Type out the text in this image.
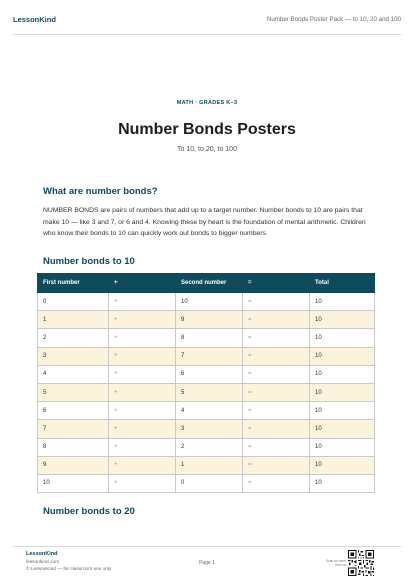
LessonKind	Number Bonds Poster Pack — to 10, 20 and 100
MATH · GRADES K–3
Number Bonds Posters
To 10, to 20, to 100
What are number bonds?

NUMBER BONDS are pairs of numbers that add up to a target number. Number bonds to 10 are pairs that make 10 — like 3 and 7, or 6 and 4. Knowing these by heart is the foundation of mental arithmetic. Children who know their bonds to 10 can quickly work out bonds to bigger numbers.

Number bonds to 10
First number	+	Second number	=	Total
0	+	10	=	10
1	+	9	=	10
2	+	8	=	10
3	+	7	=	10
4	+	6	=	10
5	+	5	=	10
6	+	4	=	10
7	+	3	=	10
8	+	2	=	10
9	+	1	=	10
10	+	0	=	10
Number bonds to 20
LessonKind
lessonkind.com
© LessonKind — for classroom use only
Page 1	Scan for more from us
